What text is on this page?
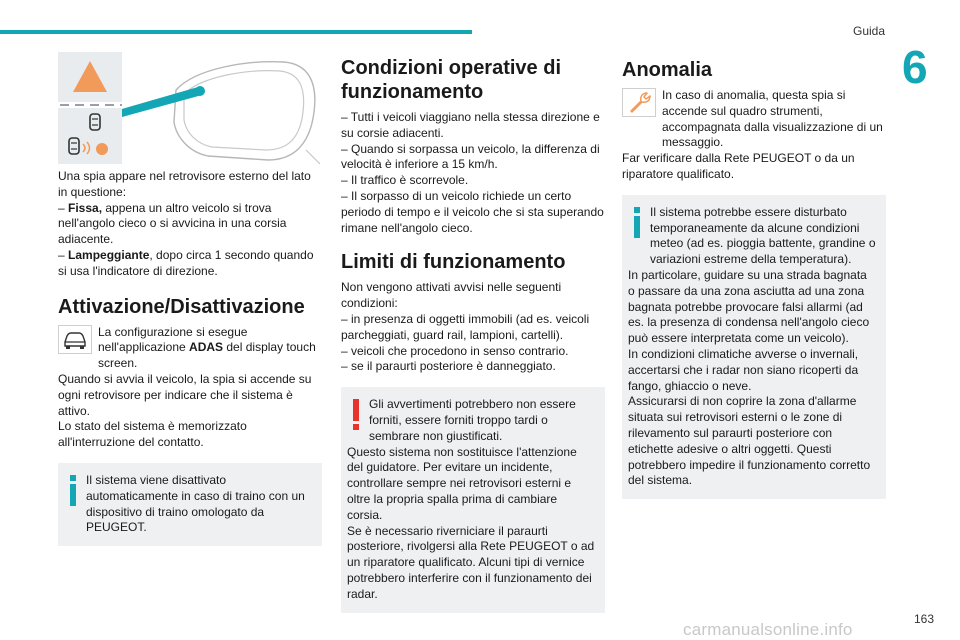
Guida
6

Una spia appare nel retrovisore esterno del lato in questione:

– Fissa, appena un altro veicolo si trova nell'angolo cieco o si avvicina in una corsia adiacente.

– Lampeggiante, dopo circa 1 secondo quando si usa l'indicatore di direzione.

Attivazione/Disattivazione

La configurazione si esegue nell'applicazione ADAS del display touch screen.

Quando si avvia il veicolo, la spia si accende su ogni retrovisore per indicare che il sistema è attivo.

Lo stato del sistema è memorizzato all'interruzione del contatto.

Il sistema viene disattivato automaticamente in caso di traino con un dispositivo di traino omologato da PEUGEOT.

Condizioni operative di funzionamento

– Tutti i veicoli viaggiano nella stessa direzione e su corsie adiacenti.

– Quando si sorpassa un veicolo, la differenza di velocità è inferiore a 15 km/h.

– Il traffico è scorrevole.

– Il sorpasso di un veicolo richiede un certo periodo di tempo e il veicolo che si sta superando rimane nell'angolo cieco.

Limiti di funzionamento

Non vengono attivati avvisi nelle seguenti condizioni:

– in presenza di oggetti immobili (ad es. veicoli parcheggiati, guard rail, lampioni, cartelli).

– veicoli che procedono in senso contrario.

– se il paraurti posteriore è danneggiato.

Gli avvertimenti potrebbero non essere forniti, essere forniti troppo tardi o sembrare non giustificati.

Questo sistema non sostituisce l'attenzione del guidatore. Per evitare un incidente, controllare sempre nei retrovisori esterni e oltre la propria spalla prima di cambiare corsia.

Se è necessario riverniciare il paraurti posteriore, rivolgersi alla Rete PEUGEOT o ad un riparatore qualificato. Alcuni tipi di vernice potrebbero interferire con il funzionamento dei radar.

Anomalia

In caso di anomalia, questa spia si accende sul quadro strumenti, accompagnata dalla visualizzazione di un messaggio.

Far verificare dalla Rete PEUGEOT o da un riparatore qualificato.

Il sistema potrebbe essere disturbato temporaneamente da alcune condizioni meteo (ad es. pioggia battente, grandine o variazioni estreme della temperatura).

In particolare, guidare su una strada bagnata o passare da una zona asciutta ad una zona bagnata potrebbe provocare falsi allarmi (ad es. la presenza di condensa nell'angolo cieco può essere interpretata come un veicolo).

In condizioni climatiche avverse o invernali, accertarsi che i radar non siano ricoperti da fango, ghiaccio o neve.

Assicurarsi di non coprire la zona d'allarme situata sui retrovisori esterni o le zone di rilevamento sul paraurti posteriore con etichette adesive o altri oggetti. Questi potrebbero impedire il funzionamento corretto del sistema.

carmanualsonline.info
163
